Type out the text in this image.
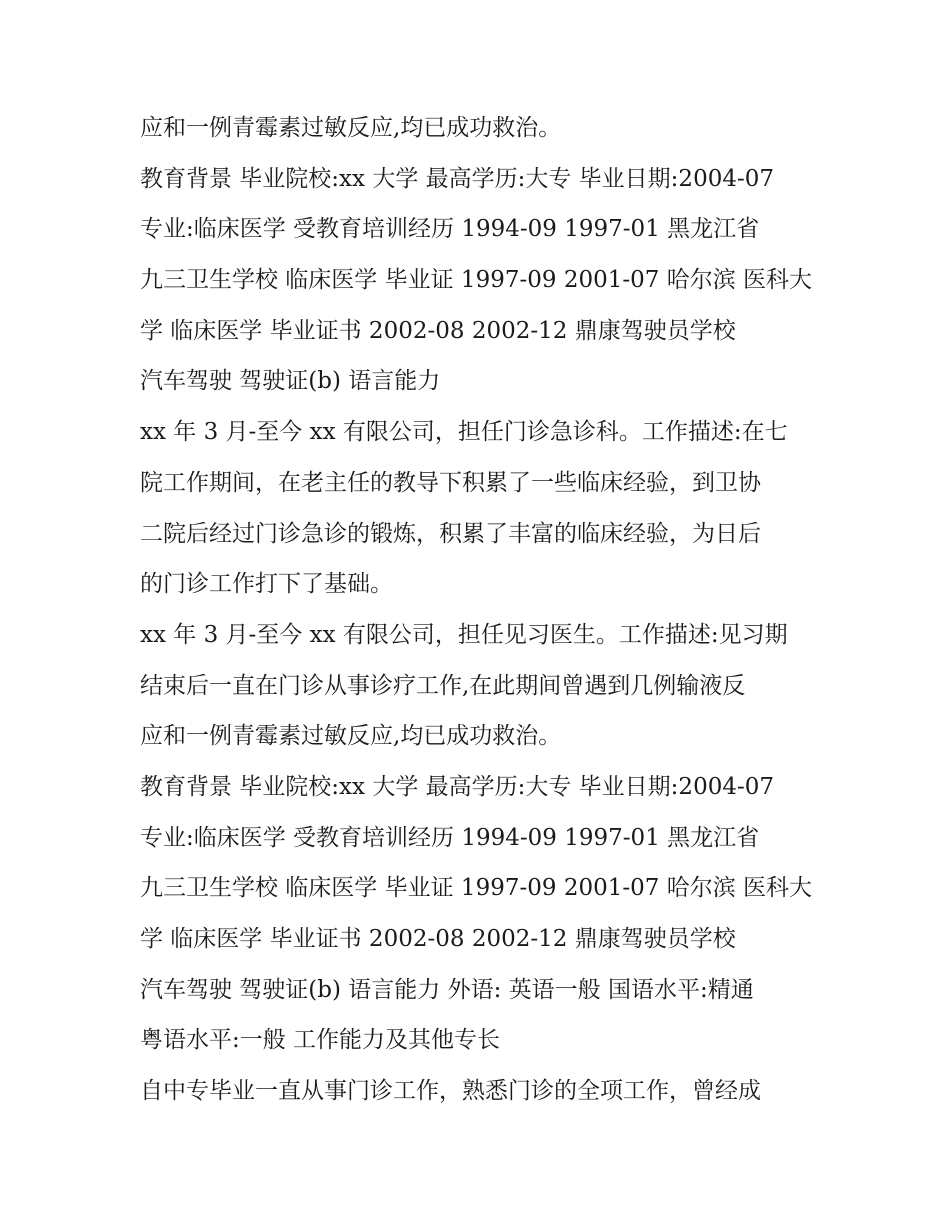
应和一例青霉素过敏反应,均已成功救治。
教育背景 毕业院校:xx 大学 最高学历:大专 毕业日期:2004-07
专业:临床医学 受教育培训经历 1994-09 1997-01 黑龙江省
九三卫生学校 临床医学 毕业证 1997-09 2001-07 哈尔滨 医科大
学 临床医学 毕业证书 2002-08 2002-12 鼎康驾驶员学校
汽车驾驶 驾驶证(b) 语言能力
xx 年 3 月-至今 xx 有限公司，担任门诊急诊科。工作描述:在七
院工作期间，在老主任的教导下积累了一些临床经验，到卫协
二院后经过门诊急诊的锻炼，积累了丰富的临床经验，为日后
的门诊工作打下了基础。
xx 年 3 月-至今 xx 有限公司，担任见习医生。工作描述:见习期
结束后一直在门诊从事诊疗工作,在此期间曾遇到几例输液反
应和一例青霉素过敏反应,均已成功救治。
教育背景 毕业院校:xx 大学 最高学历:大专 毕业日期:2004-07
专业:临床医学 受教育培训经历 1994-09 1997-01 黑龙江省
九三卫生学校 临床医学 毕业证 1997-09 2001-07 哈尔滨 医科大
学 临床医学 毕业证书 2002-08 2002-12 鼎康驾驶员学校
汽车驾驶 驾驶证(b) 语言能力 外语: 英语一般 国语水平:精通
粤语水平:一般 工作能力及其他专长
自中专毕业一直从事门诊工作，熟悉门诊的全项工作，曾经成
